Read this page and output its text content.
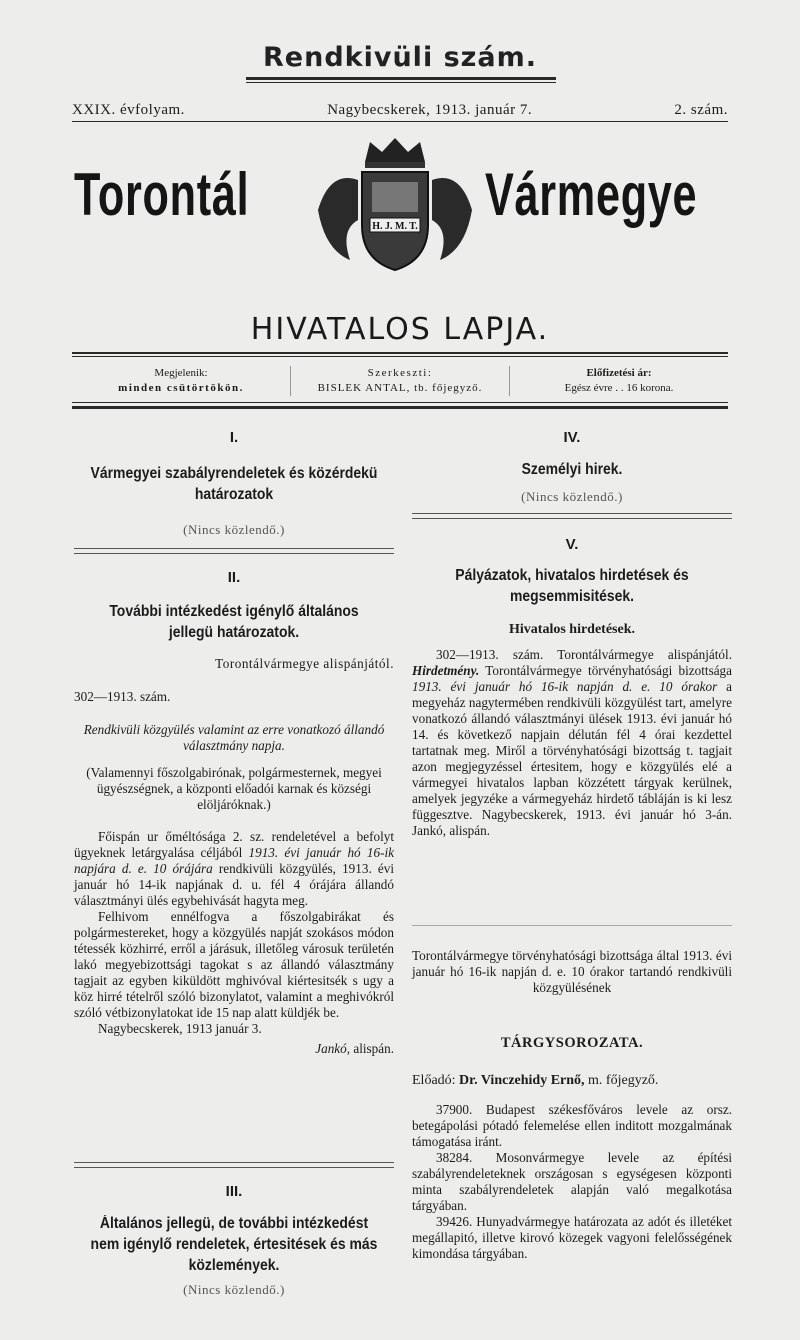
Rendkivüli szám.
XXIX. évfolyam.	Nagybecskerek, 1913. január 7.	2. szám.
Torontál	Vármegye
H. J. M. T.
HIVATALOS LAPJA.
Megjelenik:
minden csütörtökön.
Szerkeszti:
BISLEK ANTAL, tb. főjegyző.
Előfizetési ár:
Egész évre . . 16 korona.
I.
Vármegyei szabályrendeletek és közérdekü határozatok
(Nincs közlendő.)
II.
További intézkedést igénylő általános jellegü határozatok.
Torontálvármegye alispánjától.
302—1913. szám.
Rendkivüli közgyülés valamint az erre vonatkozó állandó választmány napja.
(Valamennyi főszolgabirónak, polgármesternek, megyei ügyészségnek, a központi előadói karnak és községi elöljáróknak.)

Főispán ur őméltósága 2. sz. rendeletével a befolyt ügyeknek letárgyalása céljából 1913. évi január hó 16-ik napjára d. e. 10 órájára rendkivüli közgyülés, 1913. évi január hó 14-ik napjának d. u. fél 4 órájára állandó választmányi ülés egybehivását hagyta meg.

Felhivom ennélfogva a főszolgabirákat és polgármestereket, hogy a közgyülés napját szokásos módon tétessék közhirré, erről a járásuk, illetőleg városuk területén lakó megyebizottsági tagokat s az állandó választmány tagjait az egyben kiküldött mghivóval kiértesitsék s ugy a köz hirré tételről szóló bizonylatot, valamint a meghivókról szóló vétbizonylatokat ide 15 nap alatt küldjék be.

Nagybecskerek, 1913 január 3.

Jankó, alispán.

III.
Általános jellegü, de további intézkedést nem igénylő rendeletek, értesitések és más közlemények.
(Nincs közlendő.)
IV.
Személyi hirek.
(Nincs közlendő.)
V.
Pályázatok, hivatalos hirdetések és megsemmisitések.
Hivatalos hirdetések.

302—1913. szám. Torontálvármegye alispánjától. Hirdetmény. Torontálvármegye törvényhatósági bizottsága 1913. évi január hó 16-ik napján d. e. 10 órakor a megyeház nagytermében rendkivüli közgyülést tart, amelyre vonatkozó állandó választmányi ülések 1913. évi január hó 14. és következő napjain délután fél 4 órai kezdettel tartatnak meg. Miről a törvényhatósági bizottság t. tagjait azon megjegyzéssel értesitem, hogy e közgyülés elé a vármegyei hivatalos lapban közzétett tárgyak kerülnek, amelyek jegyzéke a vármegyeház hirdető tábláján is ki lesz függesztve. Nagybecskerek, 1913. évi január hó 3-án. Jankó, alispán.

Torontálvármegye törvényhatósági bizottsága által 1913. évi január hó 16-ik napján d. e. 10 órakor tartandó rendkivüli közgyülésének

TÁRGYSOROZATA.
Előadó: Dr. Vinczehidy Ernő, m. főjegyző.

37900. Budapest székesfőváros levele az orsz. betegápolási pótadó felemelése ellen inditott mozgalmának támogatása iránt.

38284. Mosonvármegye levele az építési szabályrendeleteknek országosan s egységesen központi minta szabályrendeletek alapján való megalkotása tárgyában.

39426. Hunyadvármegye határozata az adót és illetéket megállapitó, illetve kirovó közegek vagyoni felelősségének kimondása tárgyában.
